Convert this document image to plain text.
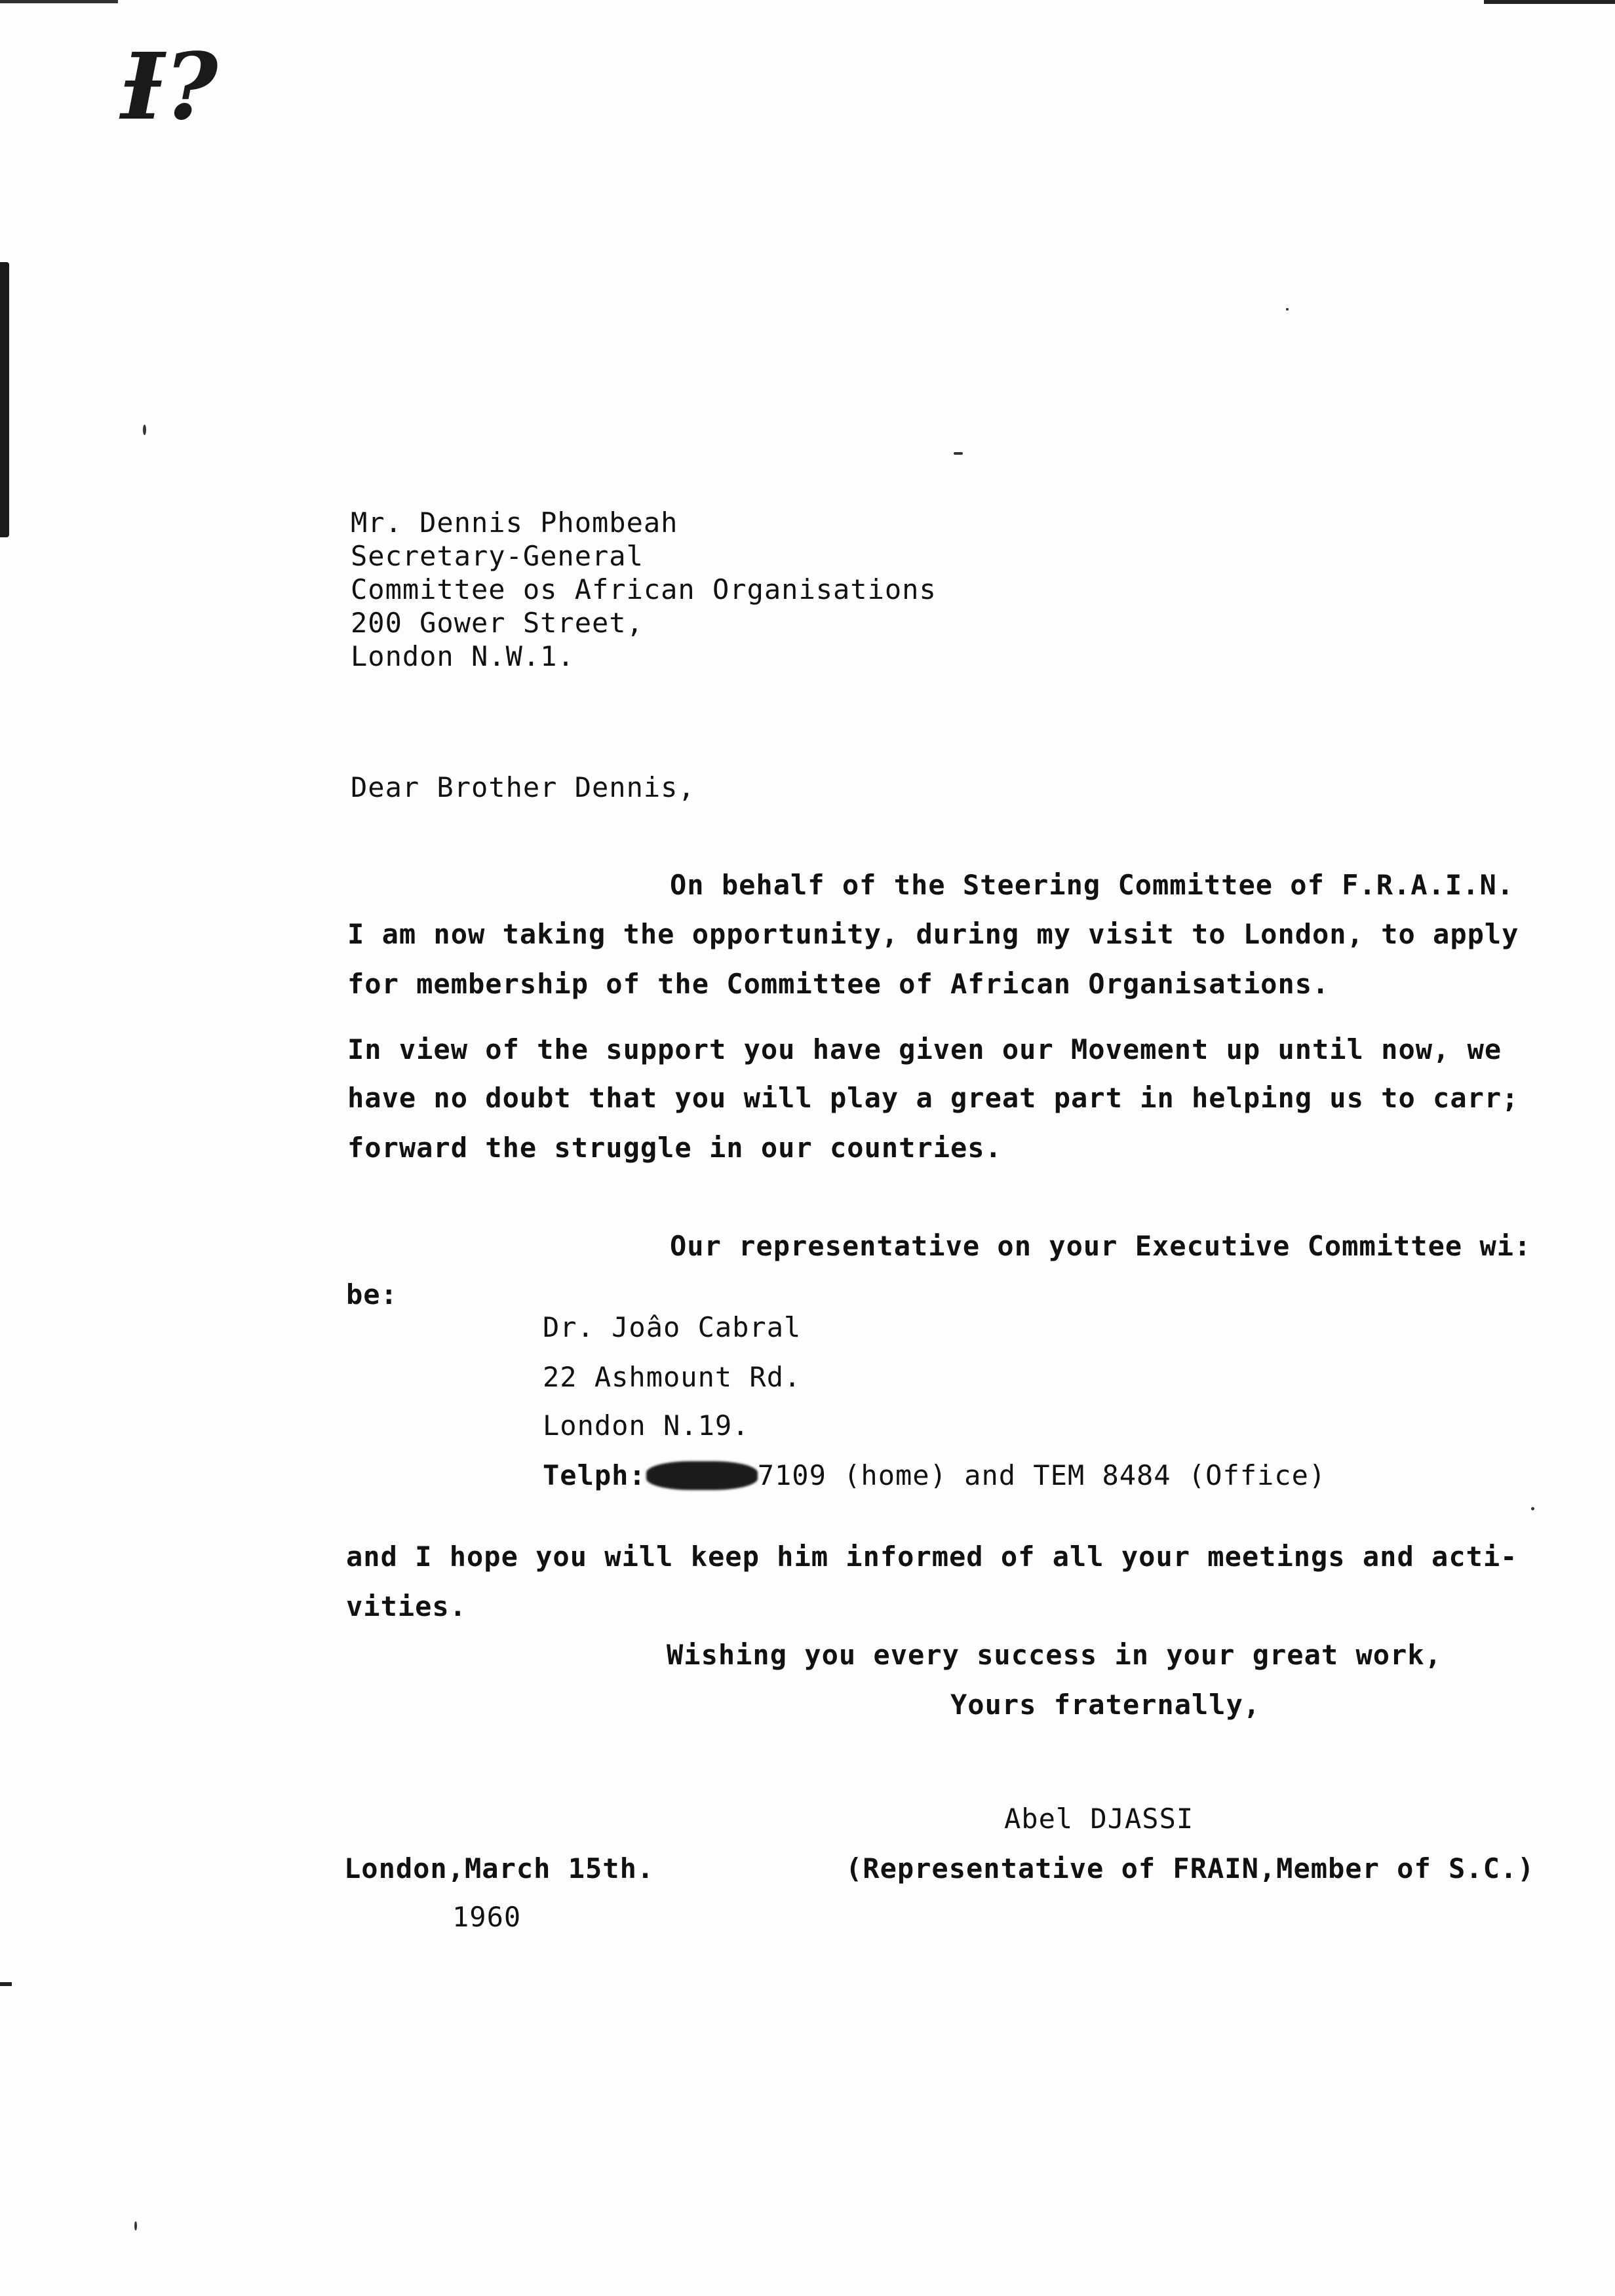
Ɨ?
Mr. Dennis Phombeah
Secretary-General
Committee os African Organisations
200 Gower Street,
London N.W.1.
Dear Brother Dennis,
On behalf of the Steering Committee of F.R.A.I.N.
I am now taking the opportunity, during my visit to London, to apply
for membership of the Committee of African Organisations.
In view of the support you have given our Movement up until now, we
have no doubt that you will play a great part in helping us to carr;
forward the struggle in our countries.
Our representative on your Executive Committee wi:
be:
Dr. Joâo Cabral
22 Ashmount Rd.
London N.19.
Telph:	7109 (home) and TEM 8484 (Office)
and I hope you will keep him informed of all your meetings and acti-
vities.
Wishing you every success in your great work,
Yours fraternally,
Abel DJASSI
(Representative of FRAIN,Member of S.C.)
London,March 15th.
1960
